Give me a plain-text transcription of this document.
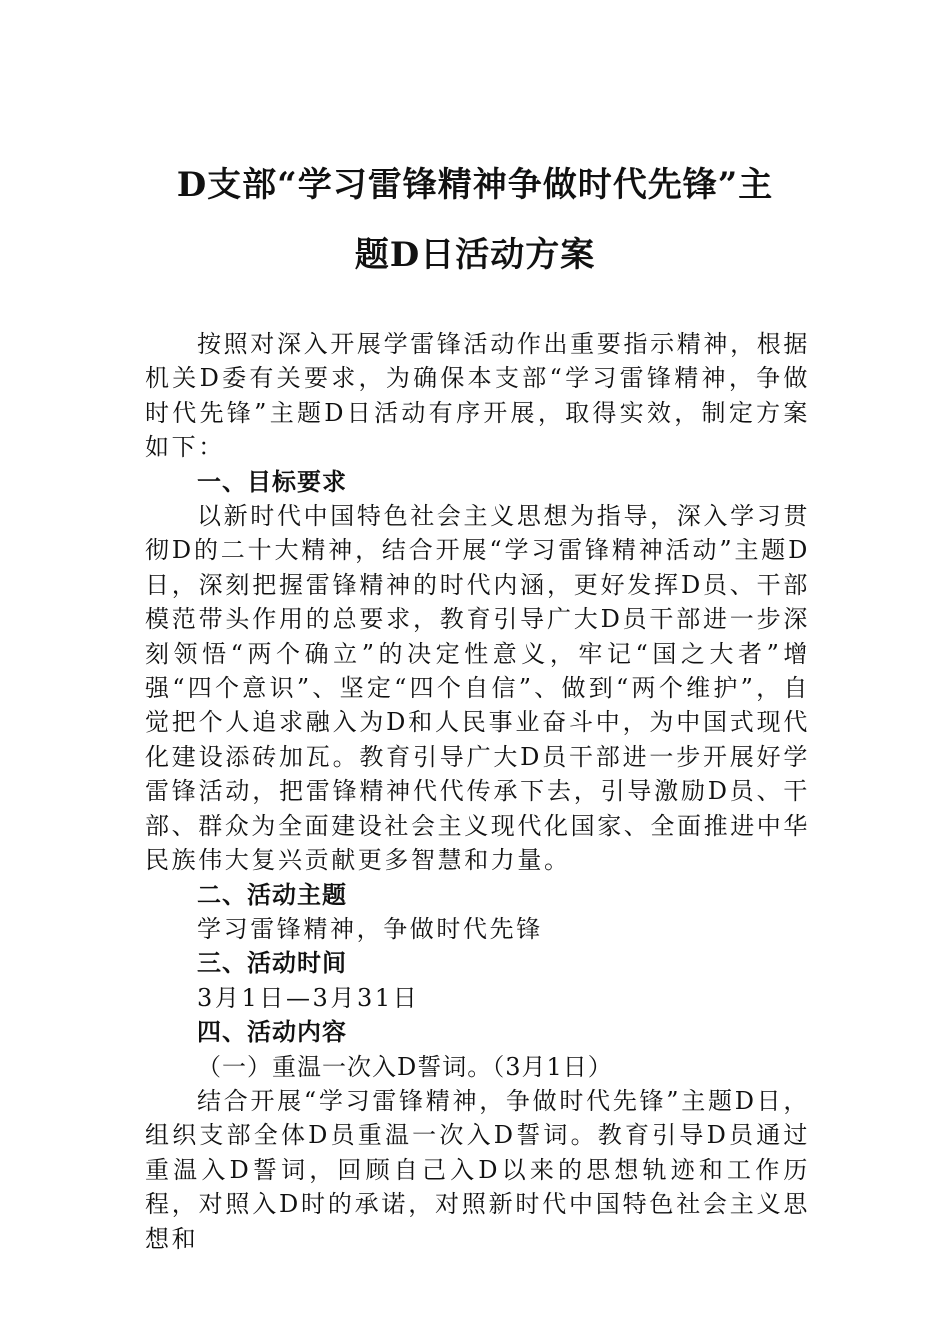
D支部“学习雷锋精神争做时代先锋”主
题D日活动方案

按照对深入开展学雷锋活动作出重要指示精神，根据机关D委有关要求，为确保本支部“学习雷锋精神，争做时代先锋”主题D日活动有序开展，取得实效，制定方案如下：

一、目标要求

以新时代中国特色社会主义思想为指导，深入学习贯彻D的二十大精神，结合开展“学习雷锋精神活动”主题D日，深刻把握雷锋精神的时代内涵，更好发挥D员、干部模范带头作用的总要求，教育引导广大D员干部进一步深刻领悟“两个确立”的决定性意义，牢记“国之大者”增强“四个意识”、坚定“四个自信”、做到“两个维护”，自觉把个人追求融入为D和人民事业奋斗中，为中国式现代化建设添砖加瓦。教育引导广大D员干部进一步开展好学雷锋活动，把雷锋精神代代传承下去，引导激励D员、干部、群众为全面建设社会主义现代化国家、全面推进中华民族伟大复兴贡献更多智慧和力量。

二、活动主题

学习雷锋精神，争做时代先锋

三、活动时间

3月1日—3月31日

四、活动内容

（一）重温一次入D誓词。（3月1日）

结合开展“学习雷锋精神，争做时代先锋”主题D日，组织支部全体D员重温一次入D誓词。教育引导D员通过重温入D誓词，回顾自己入D以来的思想轨迹和工作历程，对照入D时的承诺，对照新时代中国特色社会主义思想和
